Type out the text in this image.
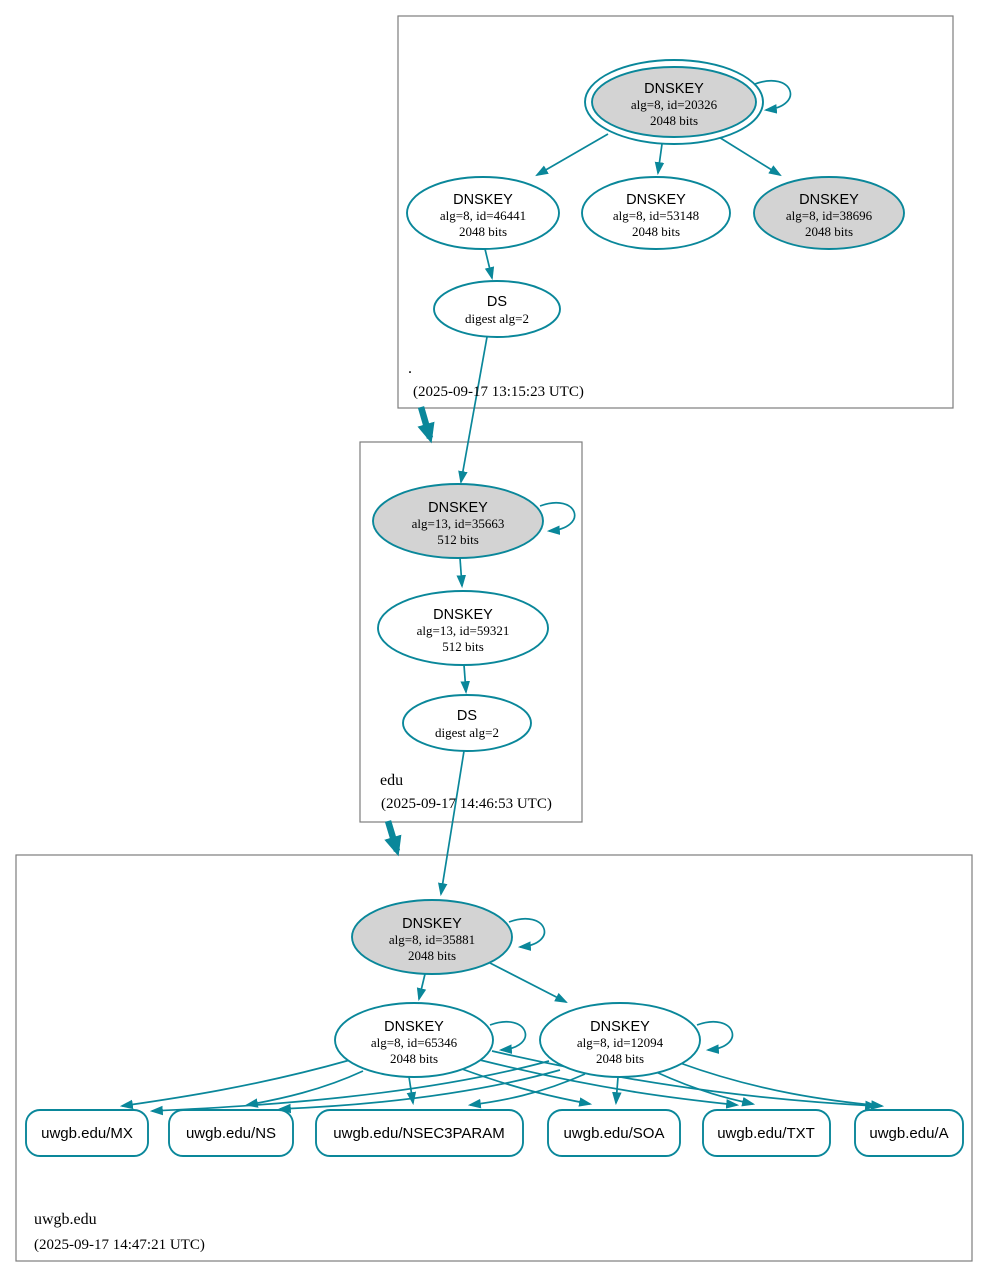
DNSKEY
alg=8, id=20326
2048 bits
DNSKEY
alg=8, id=46441
2048 bits
DNSKEY
alg=8, id=53148
2048 bits
DNSKEY
alg=8, id=38696
2048 bits
DS
digest alg=2
.
(2025-09-17 13:15:23 UTC)
DNSKEY
alg=13, id=35663
512 bits
DNSKEY
alg=13, id=59321
512 bits
DS
digest alg=2
edu
(2025-09-17 14:46:53 UTC)
DNSKEY
alg=8, id=35881
2048 bits
DNSKEY
alg=8, id=65346
2048 bits
DNSKEY
alg=8, id=12094
2048 bits
uwgb.edu/MX	uwgb.edu/NS	uwgb.edu/NSEC3PARAM	uwgb.edu/SOA	uwgb.edu/TXT	uwgb.edu/A
uwgb.edu
(2025-09-17 14:47:21 UTC)
